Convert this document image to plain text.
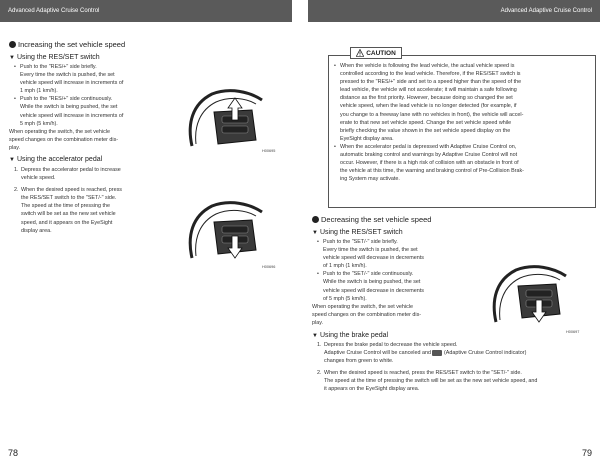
Advanced Adaptive Cruise Control
Increasing the set vehicle speed
▼ Using the RES/SET switch

• Push to the "RES/+" side briefly.

Every time the switch is pushed, the set

vehicle speed will increase in increments of

1 mph (1 km/h).

• Push to the "RES/+" side continuously.

While the switch is being pushed, the set

vehicle speed will increase in increments of

5 mph (5 km/h).

When operating the switch, the set vehicle

speed changes on the combination meter dis-

play.

▼ Using the accelerator pedal

1. Depress the accelerator pedal to increase

vehicle speed.

2. When the desired speed is reached, press

the RES/SET switch to the "SET/-" side.

The speed at the time of pressing the

switch will be set as the new set vehicle

speed, and it appears on the EyeSight

display area.

H00695
H00696
78
Advanced Adaptive Cruise Control
CAUTION

• When the vehicle is following the lead vehicle, the actual vehicle speed is

controlled according to the lead vehicle. Therefore, if the RES/SET switch is

pressed to the "RES/+" side and set to a speed higher than the speed of the

lead vehicle, the vehicle will not accelerate; it will maintain a safe following

distance as the first priority. However, because doing so changed the set

vehicle speed, when the lead vehicle is no longer detected (for example, if

you change to a freeway lane with no vehicles in front), the vehicle will accel-

erate to that new set vehicle speed. Change the set vehicle speed while

briefly checking the value shown in the set vehicle speed display on the

EyeSight display area.

• When the accelerator pedal is depressed with Adaptive Cruise Control on,

automatic braking control and warnings by Adaptive Cruise Control will not

occur. However, if there is a high risk of collision with an obstacle in front of

the vehicle at this time, the warning and braking control of Pre-Collision Brak-

ing System may activate.

Decreasing the set vehicle speed
▼ Using the RES/SET switch

• Push to the "SET/-" side briefly.

Every time the switch is pushed, the set

vehicle speed will decrease in decrements

of 1 mph (1 km/h).

• Push to the "SET/-" side continuously.

While the switch is being pushed, the set

vehicle speed will decrease in decrements

of 5 mph (5 km/h).

When operating the switch, the set vehicle

speed changes on the combination meter dis-

play.

H00697
▼ Using the brake pedal

1. Depress the brake pedal to decrease the vehicle speed.

Adaptive Cruise Control will be canceled and (Adaptive Cruise Control indicator)

changes from green to white.

2. When the desired speed is reached, press the RES/SET switch to the "SET/-" side.

The speed at the time of pressing the switch will be set as the new set vehicle speed, and

it appears on the EyeSight display area.

79
